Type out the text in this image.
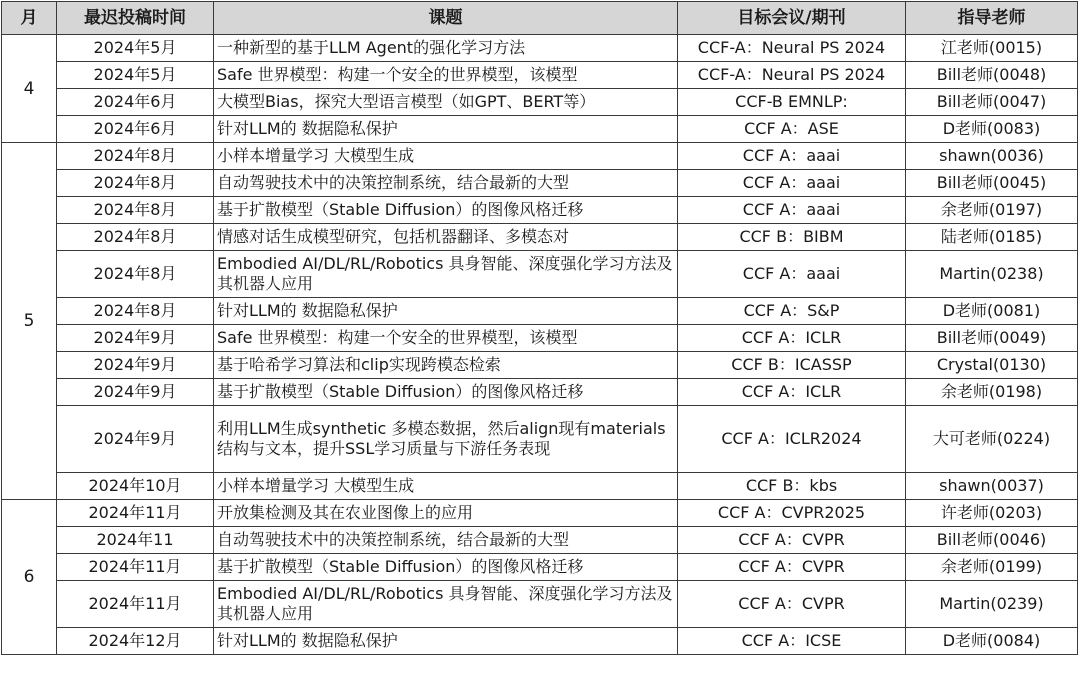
月	最迟投稿时间	课题	目标会议/期刊	指导老师
4	2024年5月	一种新型的基于LLM Agent的强化学习方法	CCF-A：Neural PS 2024	江老师(0015)
	2024年5月	Safe 世界模型：构建一个安全的世界模型，该模型	CCF-A：Neural PS 2024	Bill老师(0048)
	2024年6月	大模型Bias，探究大型语言模型（如GPT、BERT等）	CCF-B EMNLP:	Bill老师(0047)
	2024年6月	针对LLM的 数据隐私保护	CCF A：ASE	D老师(0083)
5	2024年8月	小样本增量学习 大模型生成	CCF A：aaai	shawn(0036)
	2024年8月	自动驾驶技术中的决策控制系统，结合最新的大型	CCF A：aaai	Bill老师(0045)
	2024年8月	基于扩散模型（Stable Diffusion）的图像风格迁移	CCF A：aaai	余老师(0197)
	2024年8月	情感对话生成模型研究，包括机器翻译、多模态对	CCF B：BIBM	陆老师(0185)
	2024年8月	Embodied AI/DL/RL/Robotics 具身智能、深度强化学习方法及其机器人应用	CCF A：aaai	Martin(0238)
	2024年8月	针对LLM的 数据隐私保护	CCF A：S&P	D老师(0081)
	2024年9月	Safe 世界模型：构建一个安全的世界模型，该模型	CCF A：ICLR	Bill老师(0049)
	2024年9月	基于哈希学习算法和clip实现跨模态检索	CCF B：ICASSP	Crystal(0130)
	2024年9月	基于扩散模型（Stable Diffusion）的图像风格迁移	CCF A：ICLR	余老师(0198)
	2024年9月	利用LLM生成synthetic 多模态数据，然后align现有materials结构与文本，提升SSL学习质量与下游任务表现	CCF A：ICLR2024	大可老师(0224)
	2024年10月	小样本增量学习 大模型生成	CCF B：kbs	shawn(0037)
6	2024年11月	开放集检测及其在农业图像上的应用	CCF A：CVPR2025	许老师(0203)
	2024年11	自动驾驶技术中的决策控制系统，结合最新的大型	CCF A：CVPR	Bill老师(0046)
	2024年11月	基于扩散模型（Stable Diffusion）的图像风格迁移	CCF A：CVPR	余老师(0199)
	2024年11月	Embodied AI/DL/RL/Robotics 具身智能、深度强化学习方法及其机器人应用	CCF A：CVPR	Martin(0239)
	2024年12月	针对LLM的 数据隐私保护	CCF A：ICSE	D老师(0084)
